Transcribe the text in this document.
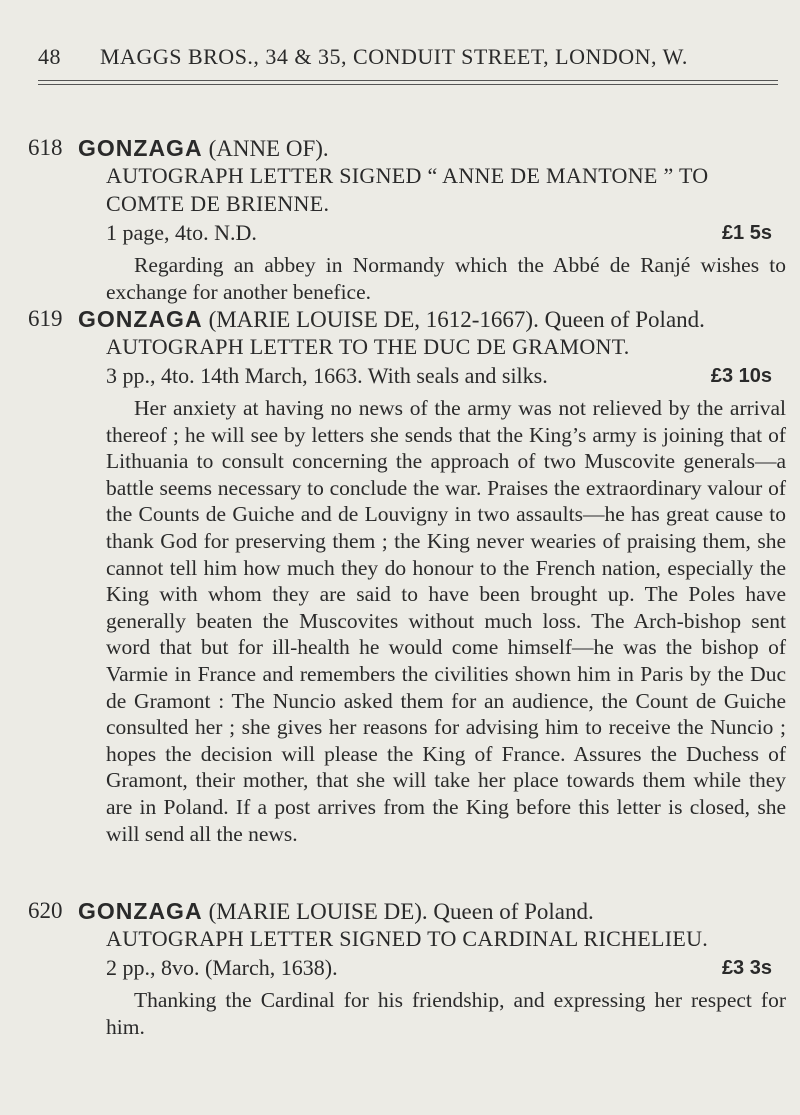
48	MAGGS BROS., 34 & 35, CONDUIT STREET, LONDON, W.
618 GONZAGA (ANNE OF).
AUTOGRAPH LETTER SIGNED “ ANNE DE MANTONE ” TO COMTE DE BRIENNE.
1 page, 4to. N.D.	£1 5s
Regarding an abbey in Normandy which the Abbé de Ranjé wishes to exchange for another benefice.
619 GONZAGA (MARIE LOUISE DE, 1612-1667). Queen of Poland.
AUTOGRAPH LETTER TO THE DUC DE GRAMONT.
3 pp., 4to. 14th March, 1663. With seals and silks.	£3 10s
Her anxiety at having no news of the army was not relieved by the arrival thereof ; he will see by letters she sends that the King’s army is joining that of Lithuania to consult concerning the approach of two Muscovite generals—a battle seems necessary to conclude the war. Praises the extraordinary valour of the Counts de Guiche and de Louvigny in two assaults—he has great cause to thank God for preserving them ; the King never wearies of praising them, she cannot tell him how much they do honour to the French nation, especially the King with whom they are said to have been brought up. The Poles have generally beaten the Muscovites without much loss. The Arch-bishop sent word that but for ill-health he would come himself—he was the bishop of Varmie in France and remembers the civilities shown him in Paris by the Duc de Gramont : The Nuncio asked them for an audience, the Count de Guiche consulted her ; she gives her reasons for advising him to receive the Nuncio ; hopes the decision will please the King of France. Assures the Duchess of Gramont, their mother, that she will take her place towards them while they are in Poland. If a post arrives from the King before this letter is closed, she will send all the news.
620 GONZAGA (MARIE LOUISE DE). Queen of Poland.
AUTOGRAPH LETTER SIGNED TO CARDINAL RICHELIEU.
2 pp., 8vo. (March, 1638).	£3 3s
Thanking the Cardinal for his friendship, and expressing her respect for him.
